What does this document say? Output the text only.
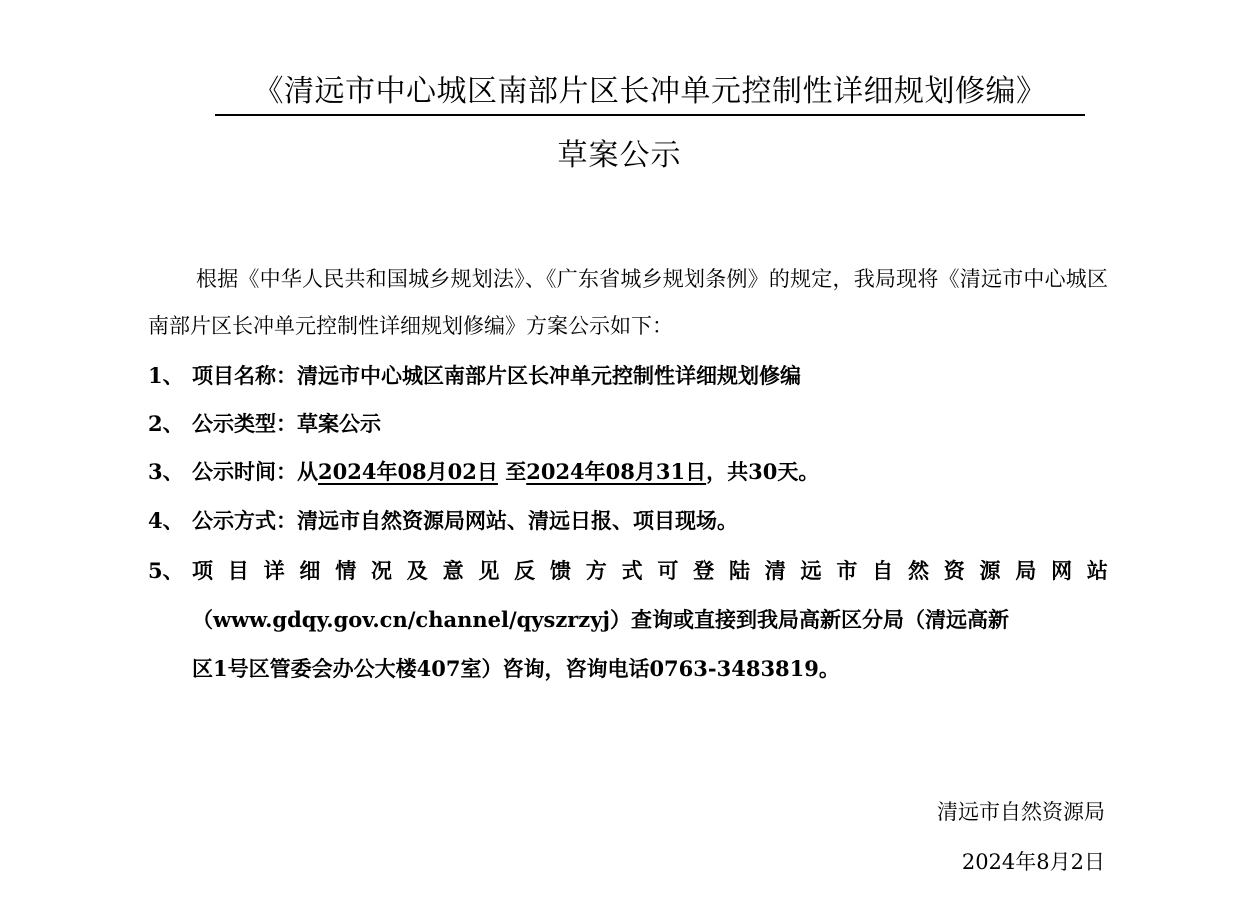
《清远市中心城区南部片区长冲单元控制性详细规划修编》
草案公示
根据《中华人民共和国城乡规划法》、《广东省城乡规划条例》的规定，我局现将《清远市中心城区南部片区长冲单元控制性详细规划修编》方案公示如下：
1、 项目名称：清远市中心城区南部片区长冲单元控制性详细规划修编
2、 公示类型：草案公示
3、 公示时间：从2024年08月02日 至2024年08月31日，共30天。
4、 公示方式：清远市自然资源局网站、清远日报、项目现场。
5、 项 目 详 细 情 况 及 意 见 反 馈 方 式 可 登 陆 清 远 市 自 然 资 源 局 网 站
（www.gdqy.gov.cn/channel/qyszrzyj）查询或直接到我局高新区分局（清远高新
区1号区管委会办公大楼407室）咨询，咨询电话0763-3483819。
清远市自然资源局
2024年8月2日
